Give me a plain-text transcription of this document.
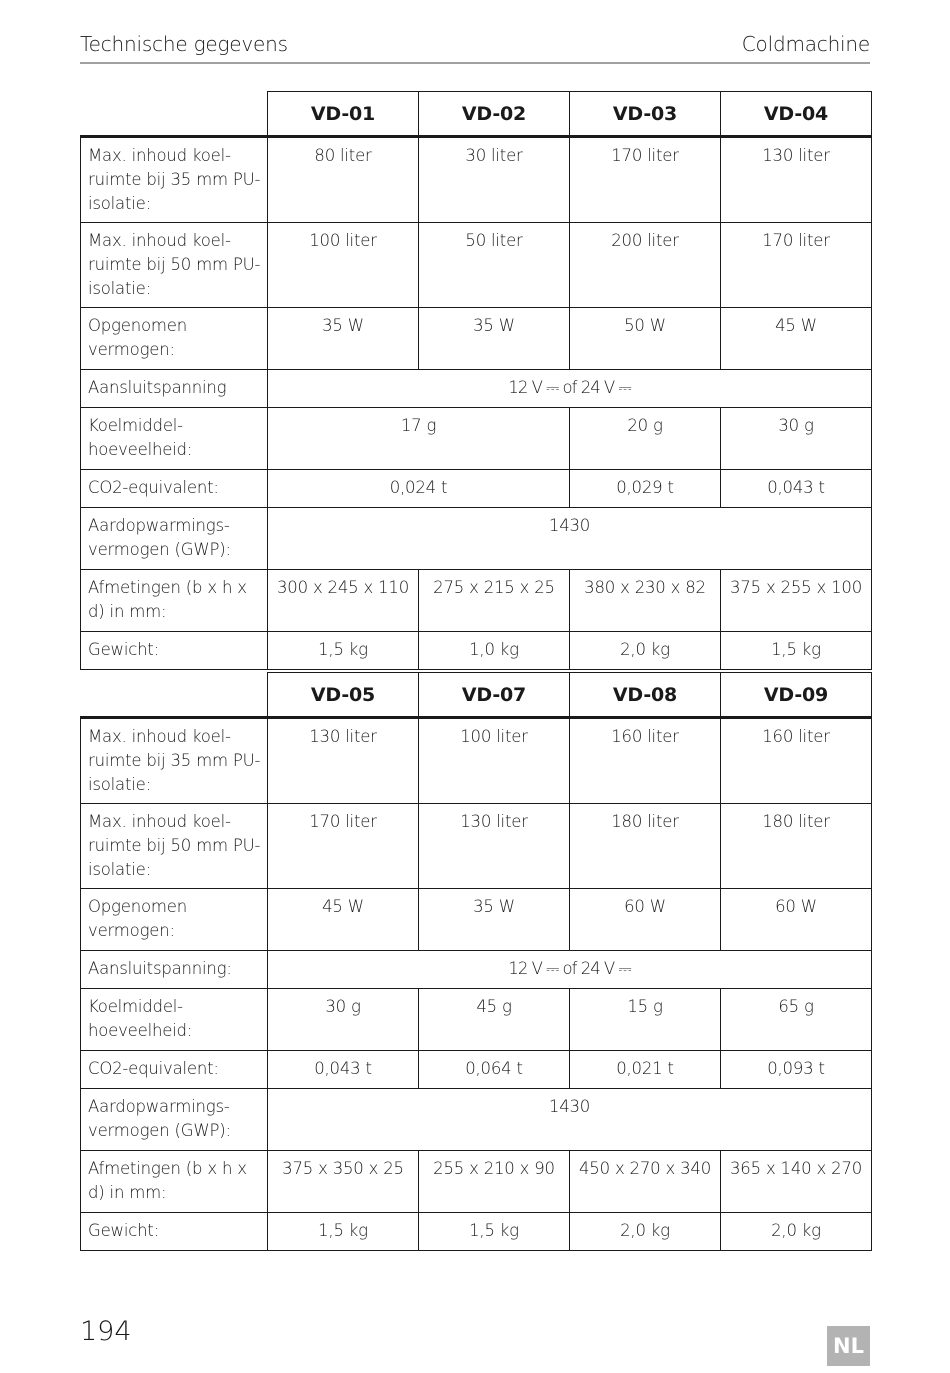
Technische gegevens	Coldmachine
	VD-01	VD-02	VD-03	VD-04
Max. inhoud koel-ruimte bij 35 mm PU-isolatie:	80 liter	30 liter	170 liter	130 liter
Max. inhoud koel-ruimte bij 50 mm PU-isolatie:	100 liter	50 liter	200 liter	170 liter
Opgenomen vermogen:	35 W	35 W	50 W	45 W
Aansluitspanning	12 V ⎓ of 24 V ⎓			
Koelmiddel-hoeveelheid:	17 g		20 g	30 g
CO2-equivalent:	0,024 t		0,029 t	0,043 t
Aardopwarmings-vermogen (GWP):	1430			
Afmetingen (b x h x d) in mm:	300 x 245 x 110	275 x 215 x 25	380 x 230 x 82	375 x 255 x 100
Gewicht:	1,5 kg	1,0 kg	2,0 kg	1,5 kg
	VD-05	VD-07	VD-08	VD-09
Max. inhoud koel-ruimte bij 35 mm PU-isolatie:	130 liter	100 liter	160 liter	160 liter
Max. inhoud koel-ruimte bij 50 mm PU-isolatie:	170 liter	130 liter	180 liter	180 liter
Opgenomen vermogen:	45 W	35 W	60 W	60 W
Aansluitspanning:	12 V ⎓ of 24 V ⎓			
Koelmiddel-hoeveelheid:	30 g	45 g	15 g	65 g
CO2-equivalent:	0,043 t	0,064 t	0,021 t	0,093 t
Aardopwarmings-vermogen (GWP):	1430			
Afmetingen (b x h x d) in mm:	375 x 350 x 25	255 x 210 x 90	450 x 270 x 340	365 x 140 x 270
Gewicht:	1,5 kg	1,5 kg	2,0 kg	2,0 kg
194	NL
